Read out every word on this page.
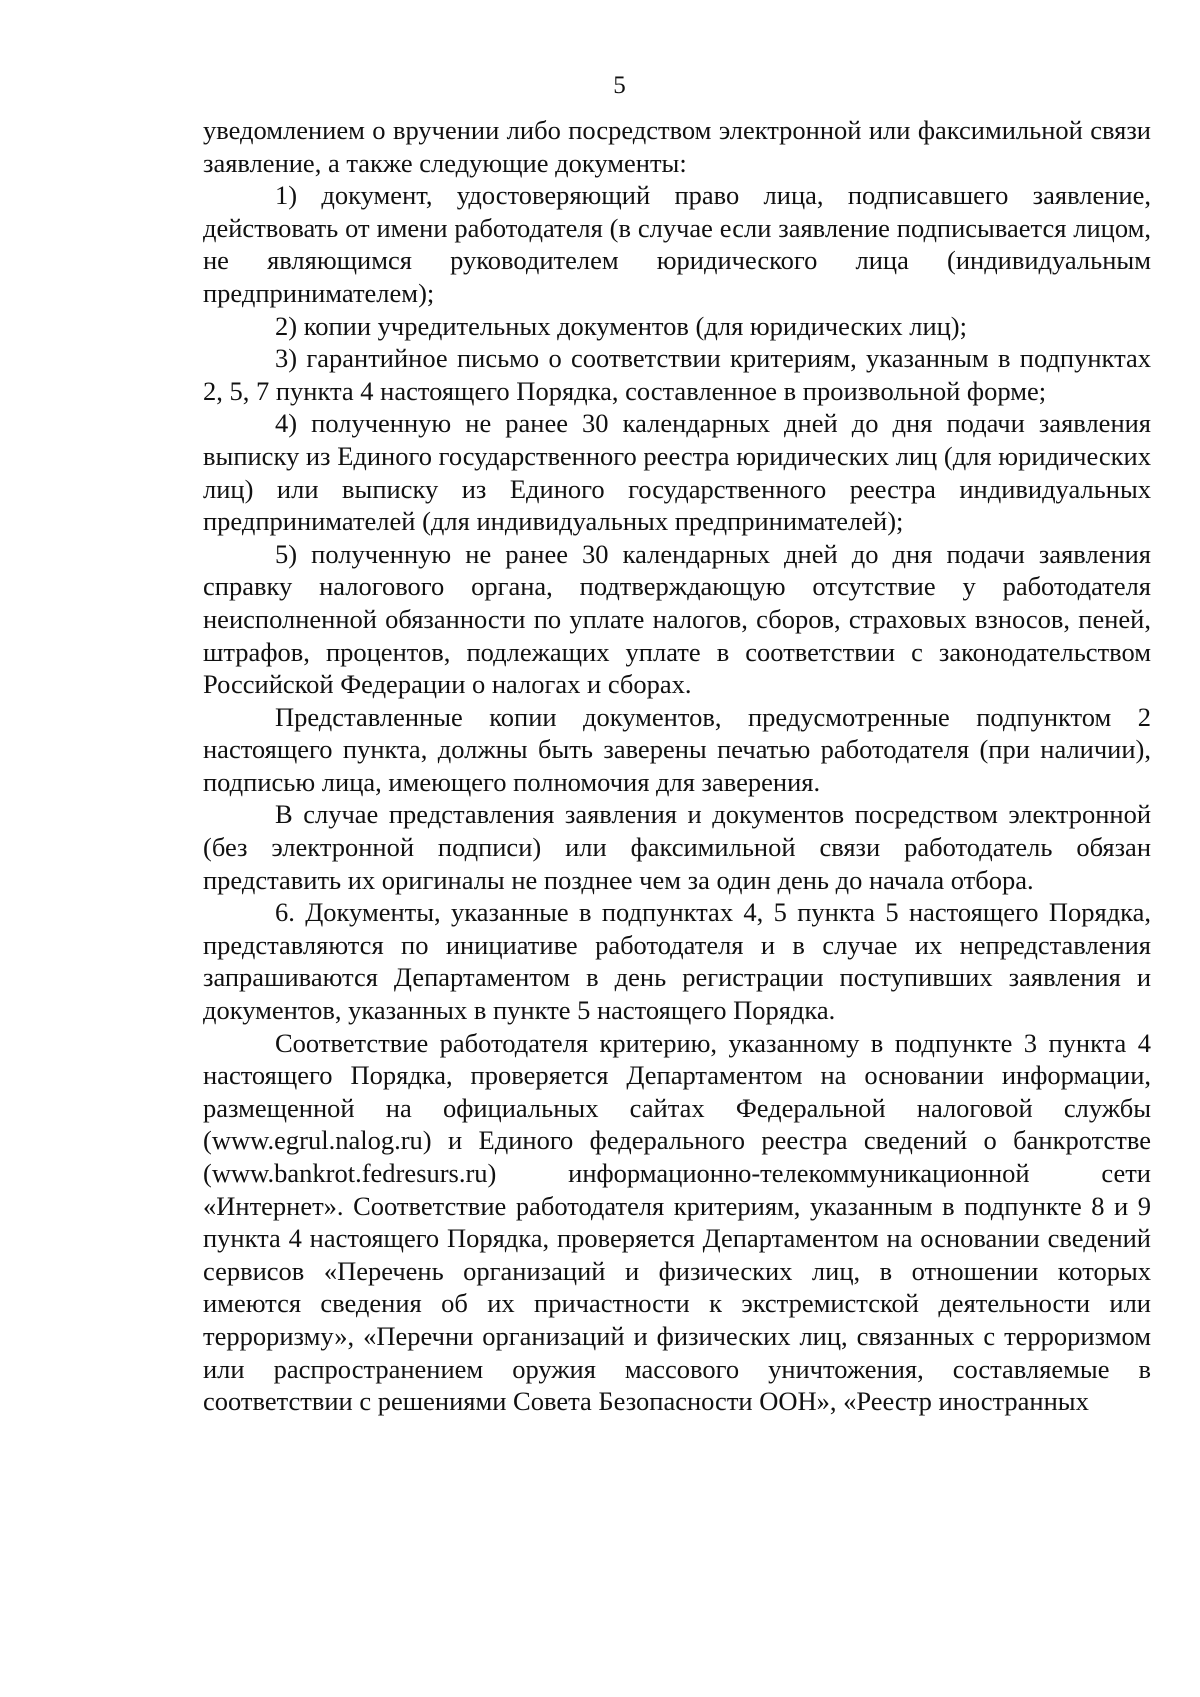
5

уведомлением о вручении либо посредством электронной или факсимильной связи заявление, а также следующие документы:

1) документ, удостоверяющий право лица, подписавшего заявление, действовать от имени работодателя (в случае если заявление подписывается лицом, не являющимся руководителем юридического лица (индивидуальным предпринимателем);

2) копии учредительных документов (для юридических лиц);

3) гарантийное письмо о соответствии критериям, указанным в подпунктах 2, 5, 7 пункта 4 настоящего Порядка, составленное в произвольной форме;

4) полученную не ранее 30 календарных дней до дня подачи заявления выписку из Единого государственного реестра юридических лиц (для юридических лиц) или выписку из Единого государственного реестра индивидуальных предпринимателей (для индивидуальных предпринимателей);

5) полученную не ранее 30 календарных дней до дня подачи заявления справку налогового органа, подтверждающую отсутствие у работодателя неисполненной обязанности по уплате налогов, сборов, страховых взносов, пеней, штрафов, процентов, подлежащих уплате в соответствии с законодательством Российской Федерации о налогах и сборах.

Представленные копии документов, предусмотренные подпунктом 2 настоящего пункта, должны быть заверены печатью работодателя (при наличии), подписью лица, имеющего полномочия для заверения.

В случае представления заявления и документов посредством электронной (без электронной подписи) или факсимильной связи работодатель обязан представить их оригиналы не позднее чем за один день до начала отбора.

6. Документы, указанные в подпунктах 4, 5 пункта 5 настоящего Порядка, представляются по инициативе работодателя и в случае их непредставления запрашиваются Департаментом в день регистрации поступивших заявления и документов, указанных в пункте 5 настоящего Порядка.

Соответствие работодателя критерию, указанному в подпункте 3 пункта 4 настоящего Порядка, проверяется Департаментом на основании информации, размещенной на официальных сайтах Федеральной налоговой службы (www.egrul.nalog.ru) и Единого федерального реестра сведений о банкротстве (www.bankrot.fedresurs.ru) информационно-телекоммуникационной сети «Интернет». Соответствие работодателя критериям, указанным в подпункте 8 и 9 пункта 4 настоящего Порядка, проверяется Департаментом на основании сведений сервисов «Перечень организаций и физических лиц, в отношении которых имеются сведения об их причастности к экстремистской деятельности или терроризму», «Перечни организаций и физических лиц, связанных с терроризмом или распространением оружия массового уничтожения, составляемые в соответствии с решениями Совета Безопасности ООН», «Реестр иностранных
